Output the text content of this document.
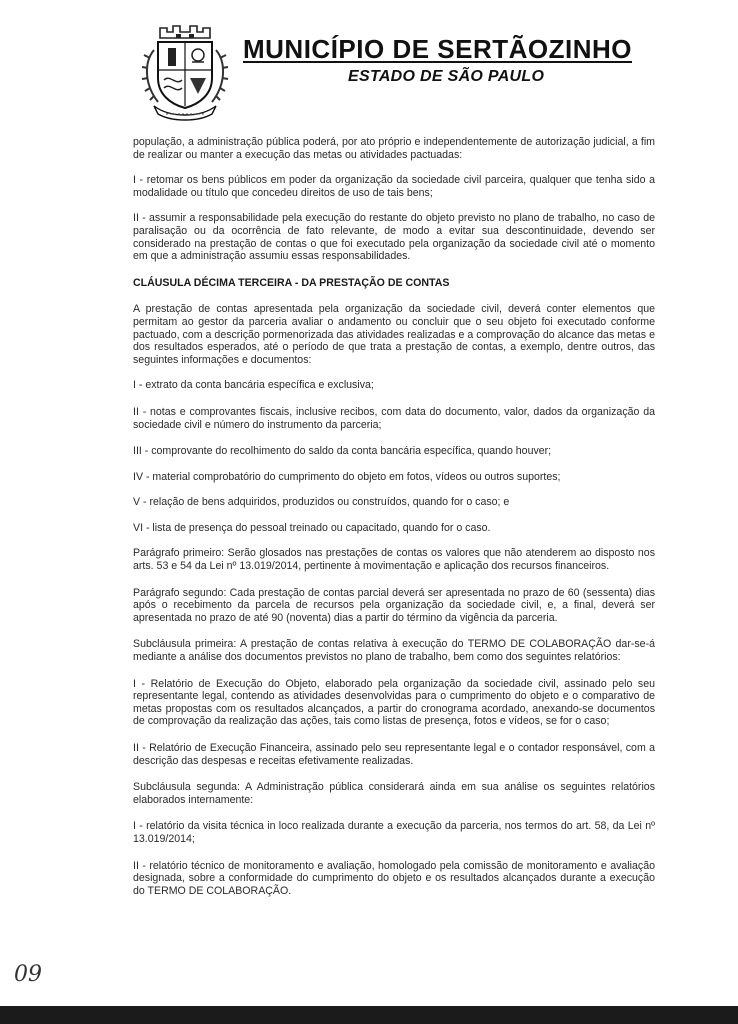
MUNICÍPIO DE SERTÃOZINHO
ESTADO DE SÃO PAULO

população, a administração pública poderá, por ato próprio e independentemente de autorização judicial, a fim de realizar ou manter a execução das metas ou atividades pactuadas:

I - retomar os bens públicos em poder da organização da sociedade civil parceira, qualquer que tenha sido a modalidade ou título que concedeu direitos de uso de tais bens;

II - assumir a responsabilidade pela execução do restante do objeto previsto no plano de trabalho, no caso de paralisação ou da ocorrência de fato relevante, de modo a evitar sua descontinuidade, devendo ser considerado na prestação de contas o que foi executado pela organização da sociedade civil até o momento em que a administração assumiu essas responsabilidades.

CLÁUSULA DÉCIMA TERCEIRA - DA PRESTAÇÃO DE CONTAS

A prestação de contas apresentada pela organização da sociedade civil, deverá conter elementos que permitam ao gestor da parceria avaliar o andamento ou concluir que o seu objeto foi executado conforme pactuado, com a descrição pormenorizada das atividades realizadas e a comprovação do alcance das metas e dos resultados esperados, até o período de que trata a prestação de contas, a exemplo, dentre outros, das seguintes informações e documentos:

I - extrato da conta bancária específica e exclusiva;

II - notas e comprovantes fiscais, inclusive recibos, com data do documento, valor, dados da organização da sociedade civil e número do instrumento da parceria;

III - comprovante do recolhimento do saldo da conta bancária específica, quando houver;

IV - material comprobatório do cumprimento do objeto em fotos, vídeos ou outros suportes;

V - relação de bens adquiridos, produzidos ou construídos, quando for o caso; e

VI - lista de presença do pessoal treinado ou capacitado, quando for o caso.

Parágrafo primeiro: Serão glosados nas prestações de contas os valores que não atenderem ao disposto nos arts. 53 e 54 da Lei nº 13.019/2014, pertinente à movimentação e aplicação dos recursos financeiros.

Parágrafo segundo: Cada prestação de contas parcial deverá ser apresentada no prazo de 60 (sessenta) dias após o recebimento da parcela de recursos pela organização da sociedade civil, e, a final, deverá ser apresentada no prazo de até 90 (noventa) dias a partir do término da vigência da parceria.

Subcláusula primeira: A prestação de contas relativa à execução do TERMO DE COLABORAÇÃO dar-se-á mediante a análise dos documentos previstos no plano de trabalho, bem como dos seguintes relatórios:

I - Relatório de Execução do Objeto, elaborado pela organização da sociedade civil, assinado pelo seu representante legal, contendo as atividades desenvolvidas para o cumprimento do objeto e o comparativo de metas propostas com os resultados alcançados, a partir do cronograma acordado, anexando-se documentos de comprovação da realização das ações, tais como listas de presença, fotos e vídeos, se for o caso;

II - Relatório de Execução Financeira, assinado pelo seu representante legal e o contador responsável, com a descrição das despesas e receitas efetivamente realizadas.

Subcláusula segunda: A Administração pública considerará ainda em sua análise os seguintes relatórios elaborados internamente:

I - relatório da visita técnica in loco realizada durante a execução da parceria, nos termos do art. 58, da Lei nº 13.019/2014;

II - relatório técnico de monitoramento e avaliação, homologado pela comissão de monitoramento e avaliação designada, sobre a conformidade do cumprimento do objeto e os resultados alcançados durante a execução do TERMO DE COLABORAÇÃO.

09
